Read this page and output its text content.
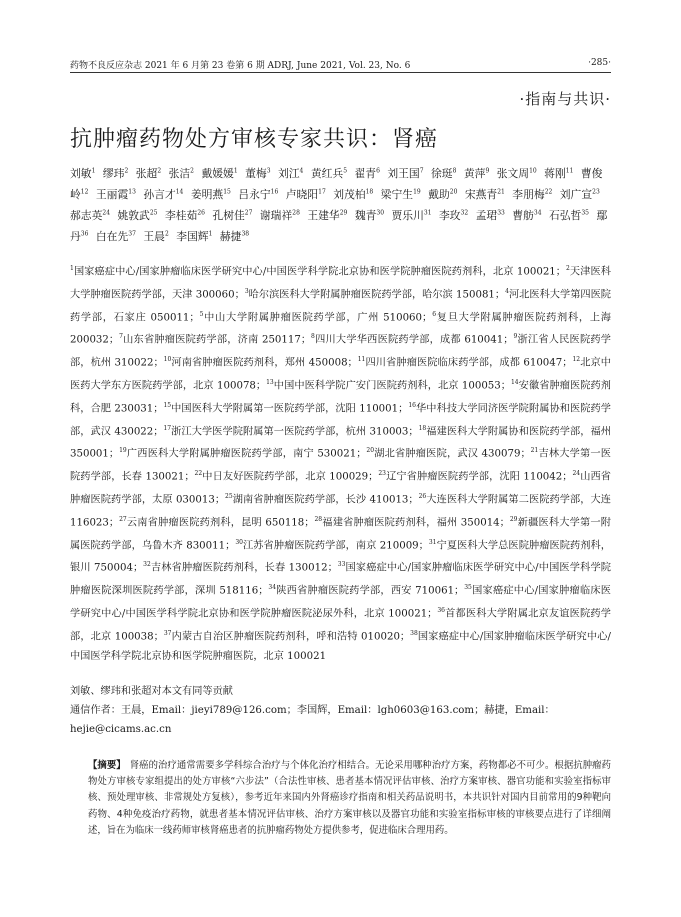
药物不良反应杂志 2021 年 6 月第 23 卷第 6 期 ADRJ, June 2021, Vol. 23, No. 6	·285·
·指南与共识·
抗肿瘤药物处方审核专家共识：肾癌
刘敏$^1$ 缪玮$^2$ 张超$^2$ 张洁$^2$ 戴媛媛$^1$ 董梅$^3$ 刘江$^4$ 黄红兵$^5$ 翟青$^6$ 刘王国$^7$ 徐珽$^8$ 黄萍$^9$ 张文周$^{10}$ 蒋刚$^{11}$ 曹俊岭$^{12}$ 王丽霞$^{13}$ 孙言才$^{14}$ 姜明燕$^{15}$ 吕永宁$^{16}$ 卢晓阳$^{17}$ 刘茂柏$^{18}$ 梁宁生$^{19}$ 戴助$^{20}$ 宋燕青$^{21}$ 李朋梅$^{22}$ 刘广宣$^{23}$ 郝志英$^{24}$ 姚敦武$^{25}$ 李桂茹$^{26}$ 孔树佳$^{27}$ 谢瑞祥$^{28}$ 王建华$^{29}$ 魏青$^{30}$ 贾乐川$^{31}$ 李玫$^{32}$ 孟珺$^{33}$ 曹舫$^{34}$ 石弘哲$^{35}$ 鄢丹$^{36}$ 白在先$^{37}$ 王晨$^2$ 李国辉$^1$ 赫捷$^{38}$
$^1$国家癌症中心/国家肿瘤临床医学研究中心/中国医学科学院北京协和医学院肿瘤医院药剂科，北京 100021；$^2$天津医科大学肿瘤医院药学部，天津 300060；$^3$哈尔滨医科大学附属肿瘤医院药学部，哈尔滨 150081；$^4$河北医科大学第四医院药学部，石家庄 050011；$^5$中山大学附属肿瘤医院药学部，广州 510060；$^6$复旦大学附属肿瘤医院药剂科，上海 200032；$^7$山东省肿瘤医院药学部，济南 250117；$^8$四川大学华西医院药学部，成都 610041；$^9$浙江省人民医院药学部，杭州 310022；$^{10}$河南省肿瘤医院药剂科，郑州 450008；$^{11}$四川省肿瘤医院临床药学部，成都 610047；$^{12}$北京中医药大学东方医院药学部，北京 100078；$^{13}$中国中医科学院广安门医院药剂科，北京 100053；$^{14}$安徽省肿瘤医院药剂科，合肥 230031；$^{15}$中国医科大学附属第一医院药学部，沈阳 110001；$^{16}$华中科技大学同济医学院附属协和医院药学部，武汉 430022；$^{17}$浙江大学医学院附属第一医院药学部，杭州 310003；$^{18}$福建医科大学附属协和医院药学部，福州 350001；$^{19}$广西医科大学附属肿瘤医院药学部，南宁 530021；$^{20}$湖北省肿瘤医院，武汉 430079；$^{21}$吉林大学第一医院药学部，长春 130021；$^{22}$中日友好医院药学部，北京 100029；$^{23}$辽宁省肿瘤医院药学部，沈阳 110042；$^{24}$山西省肿瘤医院药学部，太原 030013；$^{25}$湖南省肿瘤医院药学部，长沙 410013；$^{26}$大连医科大学附属第二医院药学部，大连 116023；$^{27}$云南省肿瘤医院药剂科，昆明 650118；$^{28}$福建省肿瘤医院药剂科，福州 350014；$^{29}$新疆医科大学第一附属医院药学部，乌鲁木齐 830011；$^{30}$江苏省肿瘤医院药学部，南京 210009；$^{31}$宁夏医科大学总医院肿瘤医院药剂科，银川 750004；$^{32}$吉林省肿瘤医院药剂科，长春 130012；$^{33}$国家癌症中心/国家肿瘤临床医学研究中心/中国医学科学院肿瘤医院深圳医院药学部，深圳 518116；$^{34}$陕西省肿瘤医院药学部，西安 710061；$^{35}$国家癌症中心/国家肿瘤临床医学研究中心/中国医学科学院北京协和医学院肿瘤医院泌尿外科，北京 100021；$^{36}$首都医科大学附属北京友谊医院药学部，北京 100038；$^{37}$内蒙古自治区肿瘤医院药剂科，呼和浩特 010020；$^{38}$国家癌症中心/国家肿瘤临床医学研究中心/中国医学科学院北京协和医学院肿瘤医院，北京 100021
刘敏、缪玮和张超对本文有同等贡献
通信作者：王晨，Email：jieyi789@126.com；李国辉，Email：lgh0603@163.com；赫捷，Email：hejie@cicams.ac.cn
【摘要】 肾癌的治疗通常需要多学科综合治疗与个体化治疗相结合。无论采用哪种治疗方案，药物都必不可少。根据抗肿瘤药物处方审核专家组提出的处方审核“六步法”（合法性审核、患者基本情况评估审核、治疗方案审核、器官功能和实验室指标审核、预处理审核、非常规处方复核），参考近年来国内外肾癌诊疗指南和相关药品说明书，本共识针对国内目前常用的9种靶向药物、4种免疫治疗药物，就患者基本情况评估审核、治疗方案审核以及器官功能和实验室指标审核的审核要点进行了详细阐述，旨在为临床一线药师审核肾癌患者的抗肿瘤药物处方提供参考，促进临床合理用药。
